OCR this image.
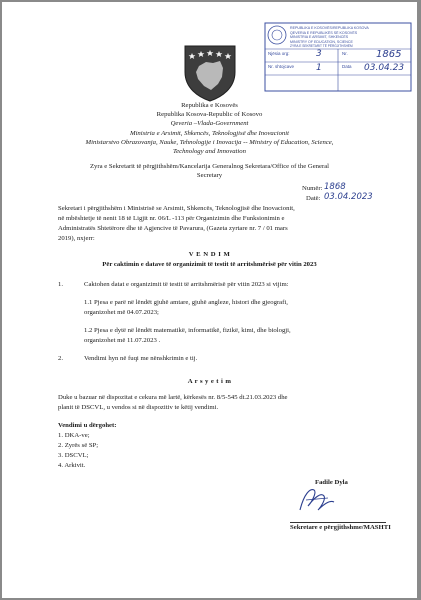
REPUBLIKA E KOSOVËS/REPUBLIKA KOSOVA
QEVERIA E REPUBLIKËS SË KOSOVËS
MINISTRIA E ARSIMIT, SHKENCËS
MINISTRY OF EDUCATION, SCIENCE
ZYRA E SEKRETARIT TË PËRGJITHSHËM
Njësia org:	3	Nr.	1865
Nr. shtojcave 1	Data 03.04.23
Republika e Kosovës
Republika Kosova-Republic of Kosovo
Qeveria –Vlada-Government
Ministria e Arsimit, Shkencës, Teknologjisë dhe Inovacionit
Ministarstvo Obrazovanja, Nauke, Tehnologije i Inovacija -- Ministry of Education, Science,
Technology and Innovation
Zyra e Sekretarit të përgjithshëm/Kancelarija Generalnog Sekretara/Office of the General
Secretary
Numër: 1868
Datë: 03.04.2023
Sekretari i përgjithshëm i Ministrisë se Arsimit, Shkencës, Teknologjisë dhe Inovacionit,
në mbështetje të nenit 18 të Ligjit nr. 06/L -113 për Organizimin dhe Funksionimin e
Administratës Shtetërore dhe të Agjencive të Pavarura, (Gazeta zyrtare nr. 7 / 01 mars
2019), nxjerr:
V E N D I M
Për caktimin e datave të organizimit të testit të arritshmërisë për vitin 2023
1.	Caktohen datat e organizimit të testit të arritshmërisë për vitin 2023 si vijim:
1.1 Pjesa e parë në lëndët gjuhë amtare, gjuhë angleze, histori dhe gjeografi,
organizohet më 04.07.2023;
1.2 Pjesa e dytë në lëndët matematikë, informatikë, fizikë, kimi, dhe biologji,
organizohet më 11.07.2023 .
2.	Vendimi hyn në fuqi me nënshkrimin e tij.
A r s y e t i m
Duke u bazuar në dispozitat e cekura më lartë, kërkesës nr. 8/5-545 dt.21.03.2023 dhe
planit të DSCVL, u vendos si në dispozitiv te këtij vendimi.
Vendimi u dërgohet:
1. DKA-ve;
2. Zyrës së SP;
3. DSCVL;
4. Arkivit.
Fadile Dyla
Sekretare e përgjithshme/MASHTI
